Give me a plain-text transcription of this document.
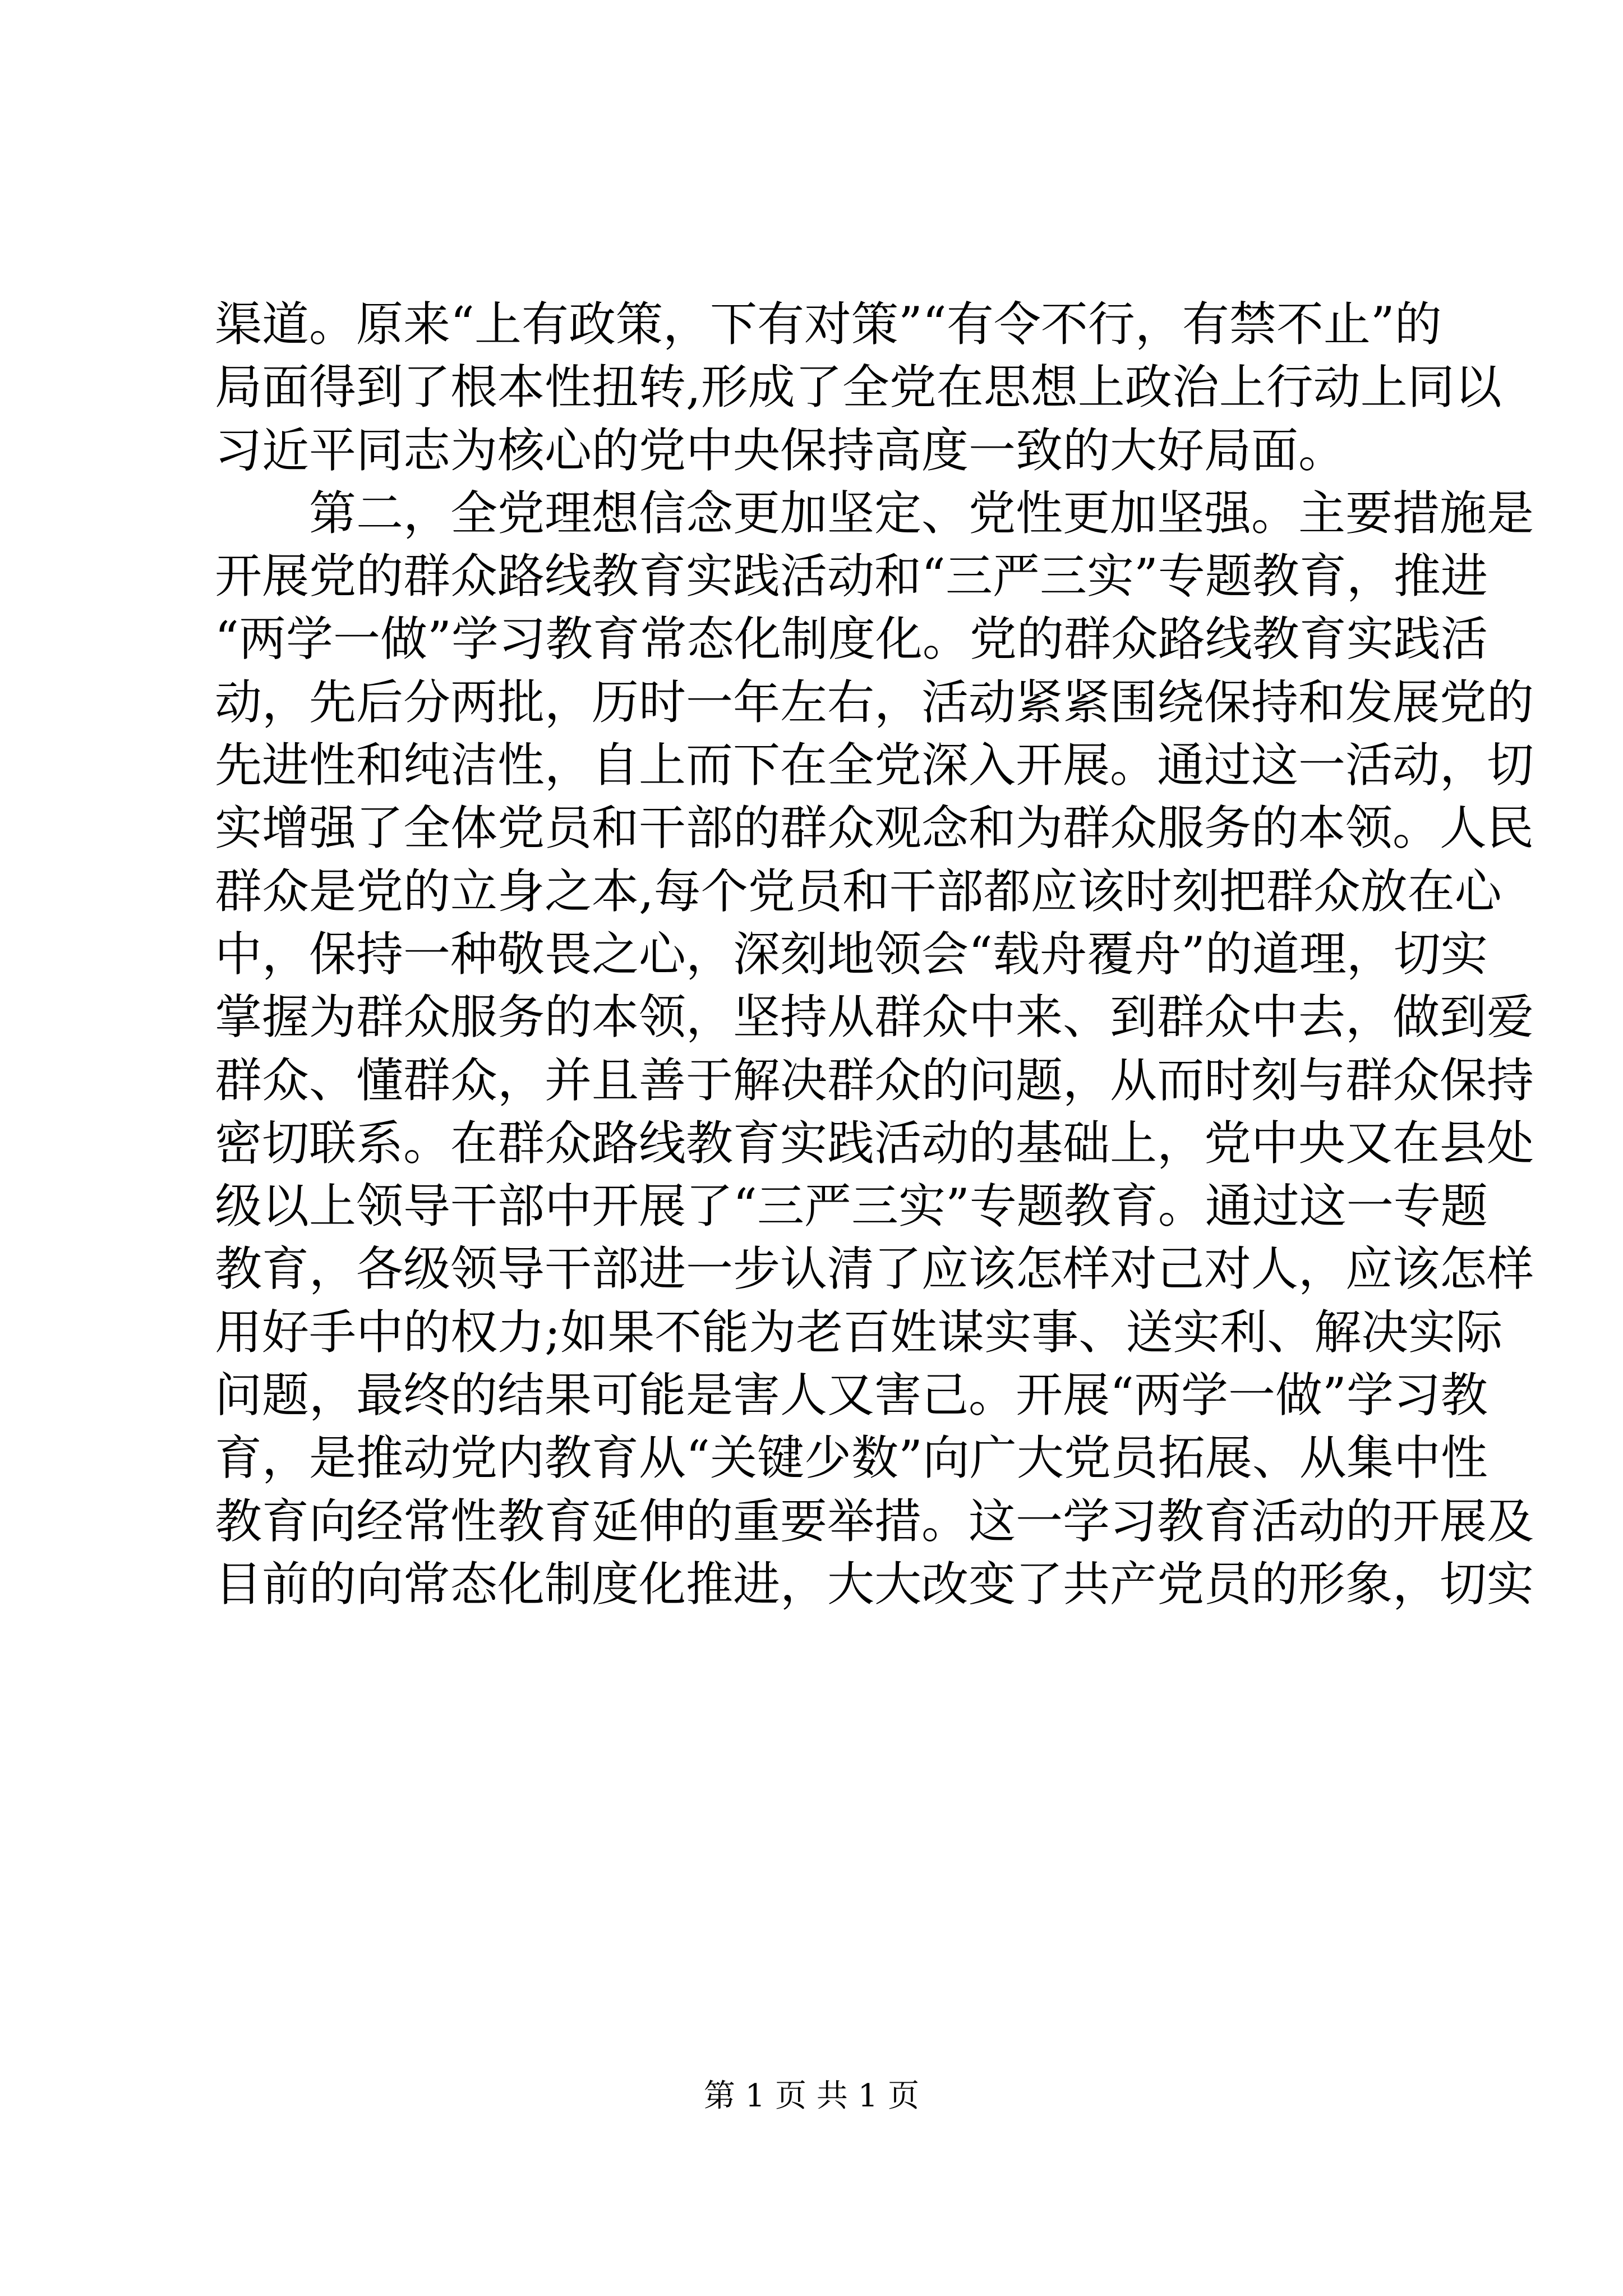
渠道。原来“上有政策，下有对策”“有令不行，有禁不止”的
局面得到了根本性扭转,形成了全党在思想上政治上行动上同以
习近平同志为核心的党中央保持高度一致的大好局面。

第二，全党理想信念更加坚定、党性更加坚强。主要措施是
开展党的群众路线教育实践活动和“三严三实”专题教育，推进
“两学一做”学习教育常态化制度化。党的群众路线教育实践活
动，先后分两批，历时一年左右，活动紧紧围绕保持和发展党的
先进性和纯洁性，自上而下在全党深入开展。通过这一活动，切
实增强了全体党员和干部的群众观念和为群众服务的本领。人民
群众是党的立身之本,每个党员和干部都应该时刻把群众放在心
中，保持一种敬畏之心，深刻地领会“载舟覆舟”的道理，切实
掌握为群众服务的本领，坚持从群众中来、到群众中去，做到爱
群众、懂群众，并且善于解决群众的问题，从而时刻与群众保持
密切联系。在群众路线教育实践活动的基础上，党中央又在县处
级以上领导干部中开展了“三严三实”专题教育。通过这一专题
教育，各级领导干部进一步认清了应该怎样对己对人，应该怎样
用好手中的权力;如果不能为老百姓谋实事、送实利、解决实际
问题，最终的结果可能是害人又害己。开展“两学一做”学习教
育，是推动党内教育从“关键少数”向广大党员拓展、从集中性
教育向经常性教育延伸的重要举措。这一学习教育活动的开展及
目前的向常态化制度化推进，大大改变了共产党员的形象，切实

第 1 页 共 1 页
